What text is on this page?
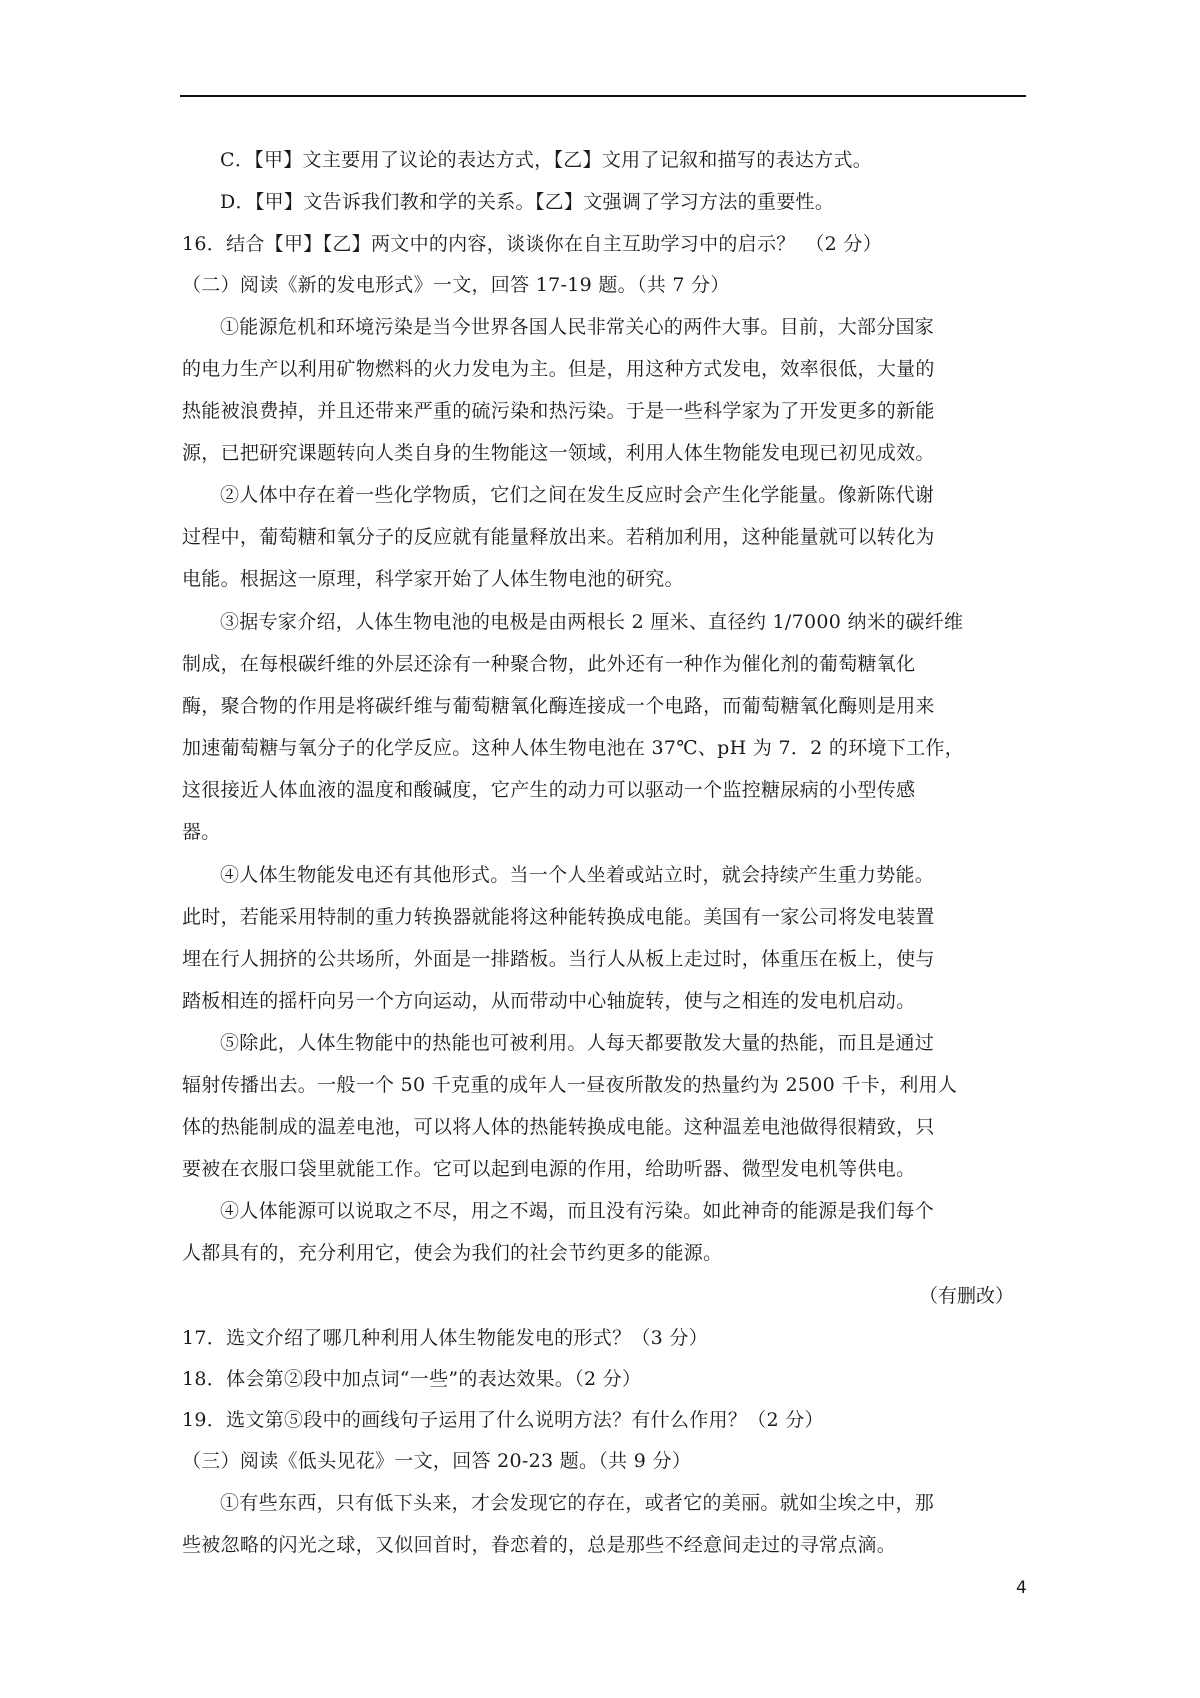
C．【甲】文主要用了议论的表达方式，【乙】文用了记叙和描写的表达方式。
D．【甲】文告诉我们教和学的关系。【乙】文强调了学习方法的重要性。
16．结合【甲】【乙】两文中的内容，谈谈你在自主互助学习中的启示？　（2 分）
（二）阅读《新的发电形式》一文，回答 17-19 题。（共 7 分）
①能源危机和环境污染是当今世界各国人民非常关心的两件大事。目前，大部分国家
的电力生产以利用矿物燃料的火力发电为主。但是，用这种方式发电，效率很低，大量的
热能被浪费掉，并且还带来严重的硫污染和热污染。于是一些科学家为了开发更多的新能
源，已把研究课题转向人类自身的生物能这一领域，利用人体生物能发电现已初见成效。
②人体中存在着一些化学物质，它们之间在发生反应时会产生化学能量。像新陈代谢
过程中，葡萄糖和氧分子的反应就有能量释放出来。若稍加利用，这种能量就可以转化为
电能。根据这一原理，科学家开始了人体生物电池的研究。
③据专家介绍，人体生物电池的电极是由两根长 2 厘米、直径约 1/7000 纳米的碳纤维
制成，在每根碳纤维的外层还涂有一种聚合物，此外还有一种作为催化剂的葡萄糖氧化
酶，聚合物的作用是将碳纤维与葡萄糖氧化酶连接成一个电路，而葡萄糖氧化酶则是用来
加速葡萄糖与氧分子的化学反应。这种人体生物电池在 37℃、pH 为 7．2 的环境下工作，
这很接近人体血液的温度和酸碱度，它产生的动力可以驱动一个监控糖尿病的小型传感
器。
④人体生物能发电还有其他形式。当一个人坐着或站立时，就会持续产生重力势能。
此时，若能采用特制的重力转换器就能将这种能转换成电能。美国有一家公司将发电装置
埋在行人拥挤的公共场所，外面是一排踏板。当行人从板上走过时，体重压在板上，使与
踏板相连的摇杆向另一个方向运动，从而带动中心轴旋转，使与之相连的发电机启动。
⑤除此，人体生物能中的热能也可被利用。人每天都要散发大量的热能，而且是通过
辐射传播出去。一般一个 50 千克重的成年人一昼夜所散发的热量约为 2500 千卡，利用人
体的热能制成的温差电池，可以将人体的热能转换成电能。这种温差电池做得很精致，只
要被在衣服口袋里就能工作。它可以起到电源的作用，给助听器、微型发电机等供电。
④人体能源可以说取之不尽，用之不竭，而且没有污染。如此神奇的能源是我们每个
人都具有的，充分利用它，使会为我们的社会节约更多的能源。
（有删改）
17．选文介绍了哪几种利用人体生物能发电的形式？（3 分）
18．体会第②段中加点词“一些”的表达效果。（2 分）
19．选文第⑤段中的画线句子运用了什么说明方法？有什么作用？（2 分）
（三）阅读《低头见花》一文，回答 20-23 题。（共 9 分）
①有些东西，只有低下头来，才会发现它的存在，或者它的美丽。就如尘埃之中，那
些被忽略的闪光之球，又似回首时，眷恋着的，总是那些不经意间走过的寻常点滴。
4
